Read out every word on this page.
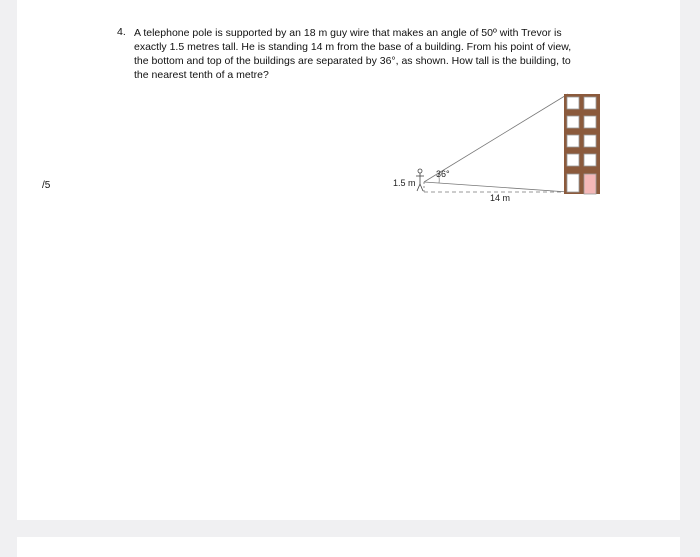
4. A telephone pole is supported by an 18 m guy wire that makes an angle of 50º with Trevor is
exactly 1.5 metres tall. He is standing 14 m from the base of a building. From his point of view,
the bottom and top of the buildings are separated by 36°, as shown. How tall is the building, to
the nearest tenth of a metre?
/5	1.5 m
36°
14 m
